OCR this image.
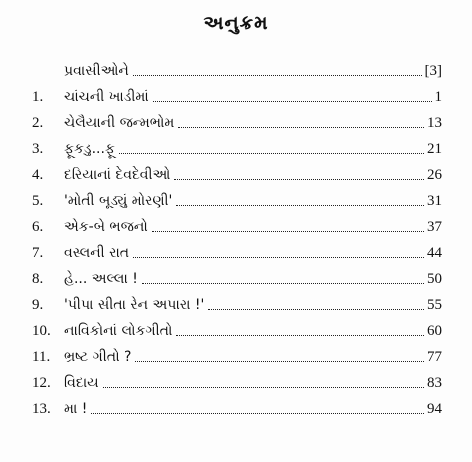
અનુક્રમ
પ્રવાસીઓને	[3]
1.	ચાંચની ખાડીમાં	1
2.	ચેલૈયાની જન્મભોમ	13
3.	ફૂકડુ...ફૂ	21
4.	દરિયાનાં દેવદેવીઓ	26
5.	'મોતી બૂડ્યું મોરણી'	31
6.	એક-બે ભજનો	37
7.	વસ્લની રાત	44
8.	હે... અલ્લા !	50
9.	'પીપા સીતા રેન અપારા !'	55
10. નાવિકોનાં લોકગીતો	60
11. ભ્રષ્ટ ગીતો ?	77
12. વિદાય	83
13. મા !	94
